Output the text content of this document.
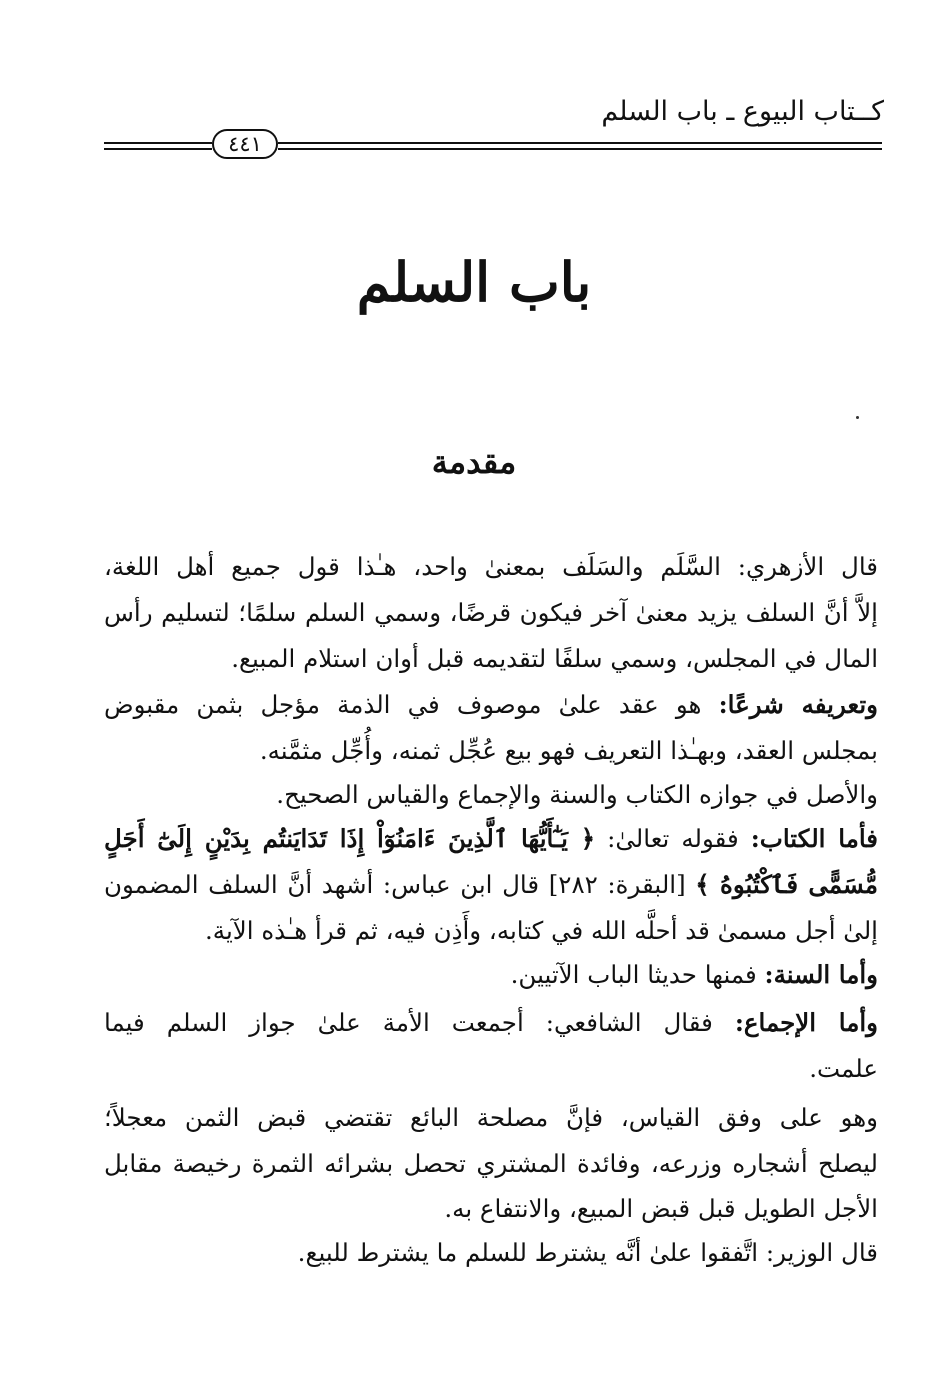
كــتاب البيوع ـ باب السلم
٤٤١
باب السلم
مقدمة
قال الأزهري: السَّلَم والسَلَف بمعنىٰ واحد، هـٰذا قول جميع أهل اللغة،
إلاَّ أنَّ السلف يزيد معنىٰ آخر فيكون قرضًا، وسمي السلم سلمًا؛ لتسليم رأس
المال في المجلس، وسمي سلفًا لتقديمه قبل أوان استلام المبيع.
وتعريفه شرعًا: هو عقد علىٰ موصوف في الذمة مؤجل بثمن مقبوض
بمجلس العقد، وبهـٰذا التعريف فهو بيع عُجِّل ثمنه، وأُجِّل مثمَّنه.
والأصل في جوازه الكتاب والسنة والإجماع والقياس الصحيح.
فأما الكتاب: فقوله تعالىٰ: ﴿ يَـٰٓأَيُّهَا ٱلَّذِينَ ءَامَنُوٓاْ إِذَا تَدَايَنتُم بِدَيْنٍ إِلَىٰٓ أَجَلٍ
مُّسَمًّى فَٱكْتُبُوهُ ﴾ [البقرة: ٢٨٢] قال ابن عباس: أشهد أنَّ السلف المضمون
إلىٰ أجل مسمىٰ قد أحلَّه الله في كتابه، وأَذِن فيه، ثم قرأ هـٰذه الآية.
وأما السنة: فمنها حديثا الباب الآتيين.
وأما الإجماع: فقال الشافعي: أجمعت الأمة علىٰ جواز السلم فيما
علمت.
وهو على وفق القياس، فإنَّ مصلحة البائع تقتضي قبض الثمن معجلاً؛
ليصلح أشجاره وزرعه، وفائدة المشتري تحصل بشرائه الثمرة رخيصة مقابل
الأجل الطويل قبل قبض المبيع، والانتفاع به.
قال الوزير: اتَّفقوا علىٰ أنَّه يشترط للسلم ما يشترط للبيع.
